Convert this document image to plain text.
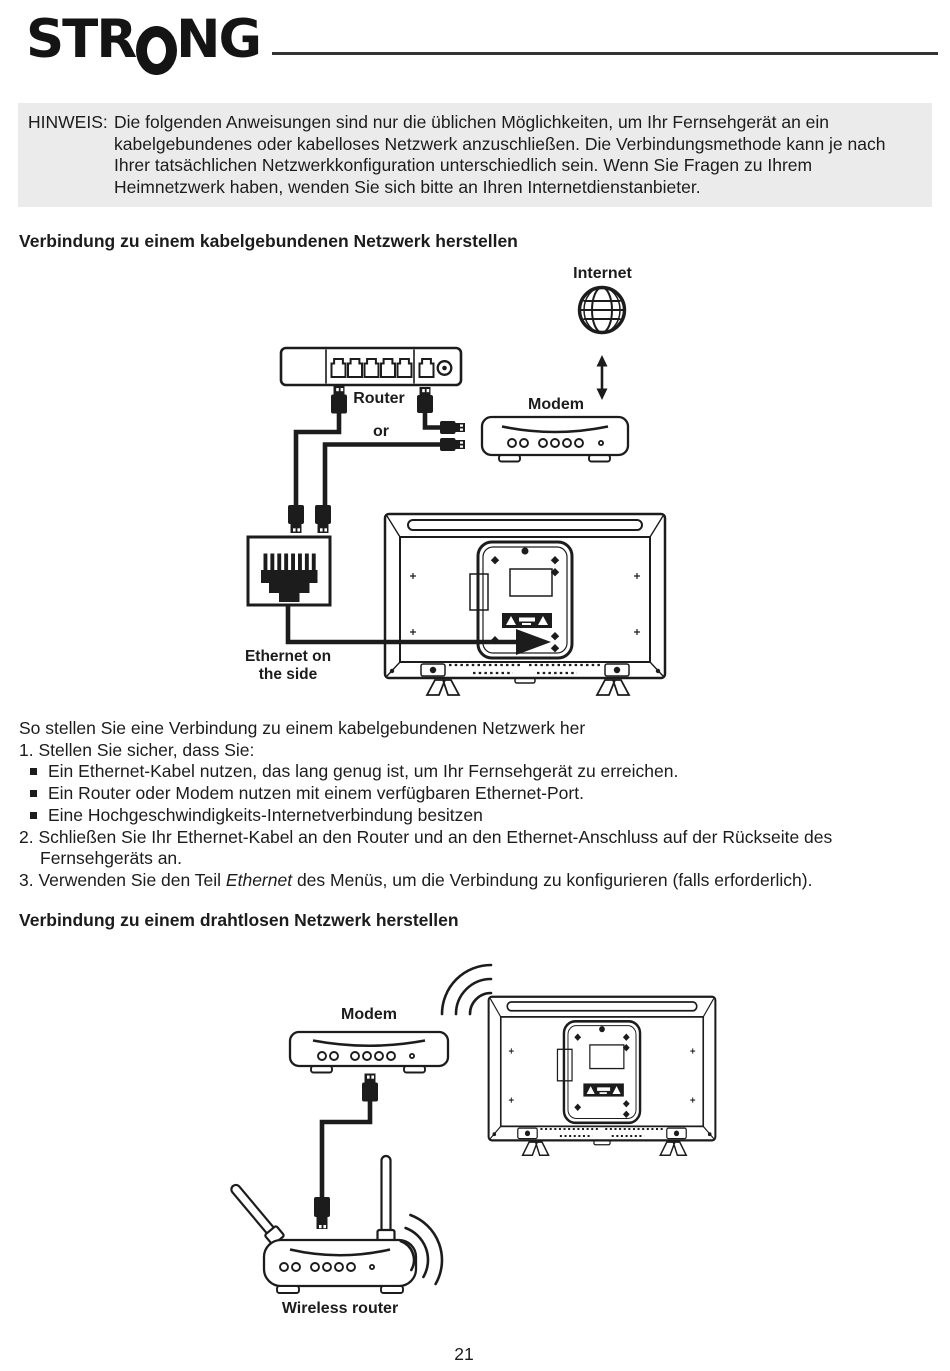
STR NG
HINWEIS: Die folgenden Anweisungen sind nur die üblichen Möglichkeiten, um Ihr Fernsehgerät an ein kabelgebundenes oder kabelloses Netzwerk anzuschließen. Die Verbindungsmethode kann je nach Ihrer tatsächlichen Netzwerkkonfiguration unterschiedlich sein. Wenn Sie Fragen zu Ihrem Heimnetzwerk haben, wenden Sie sich bitte an Ihren Internetdienstanbieter.
Verbindung zu einem kabelgebundenen Netzwerk herstellen
Internet
Router
or
Modem
Ethernet on the side
So stellen Sie eine Verbindung zu einem kabelgebundenen Netzwerk her
1. Stellen Sie sicher, dass Sie:
Ein Ethernet-Kabel nutzen, das lang genug ist, um Ihr Fernsehgerät zu erreichen.
Ein Router oder Modem nutzen mit einem verfügbaren Ethernet-Port.
Eine Hochgeschwindigkeits-Internetverbindung besitzen
2. Schließen Sie Ihr Ethernet-Kabel an den Router und an den Ethernet-Anschluss auf der Rückseite des Fernsehgeräts an.
3. Verwenden Sie den Teil Ethernet des Menüs, um die Verbindung zu konfigurieren (falls erforderlich).
Verbindung zu einem drahtlosen Netzwerk herstellen
Modem
Wireless router
21
